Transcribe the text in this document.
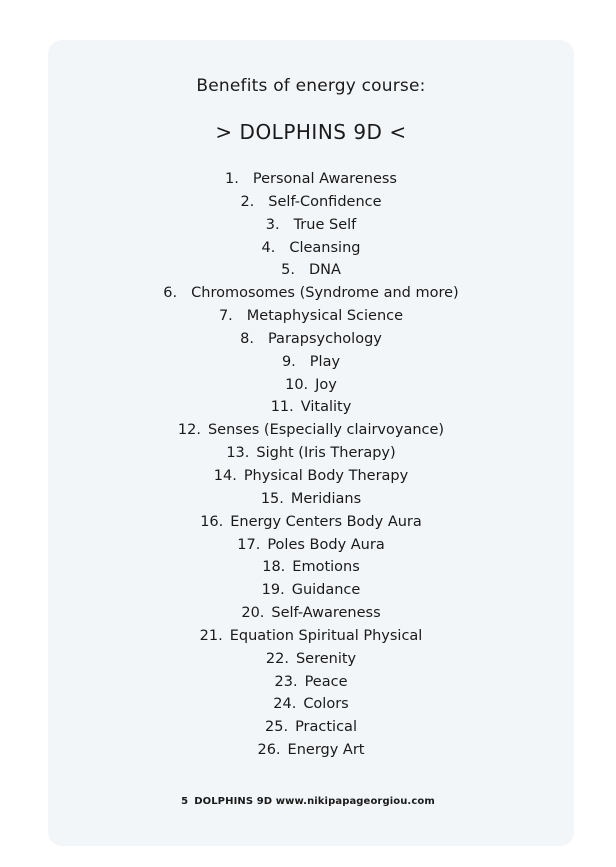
Benefits of energy course:
> DOLPHINS 9D <
1. Personal Awareness
2. Self-Confidence
3. True Self
4. Cleansing
5. DNA
6. Chromosomes (Syndrome and more)
7. Metaphysical Science
8. Parapsychology
9. Play
10. Joy
11. Vitality
12. Senses (Especially clairvoyance)
13. Sight (Iris Therapy)
14. Physical Body Therapy
15. Meridians
16. Energy Centers Body Aura
17. Poles Body Aura
18. Emotions
19. Guidance
20. Self-Awareness
21. Equation Spiritual Physical
22. Serenity
23. Peace
24. Colors
25. Practical
26. Energy Art
5 DOLPHINS 9D www.nikipapageorgiou.com
